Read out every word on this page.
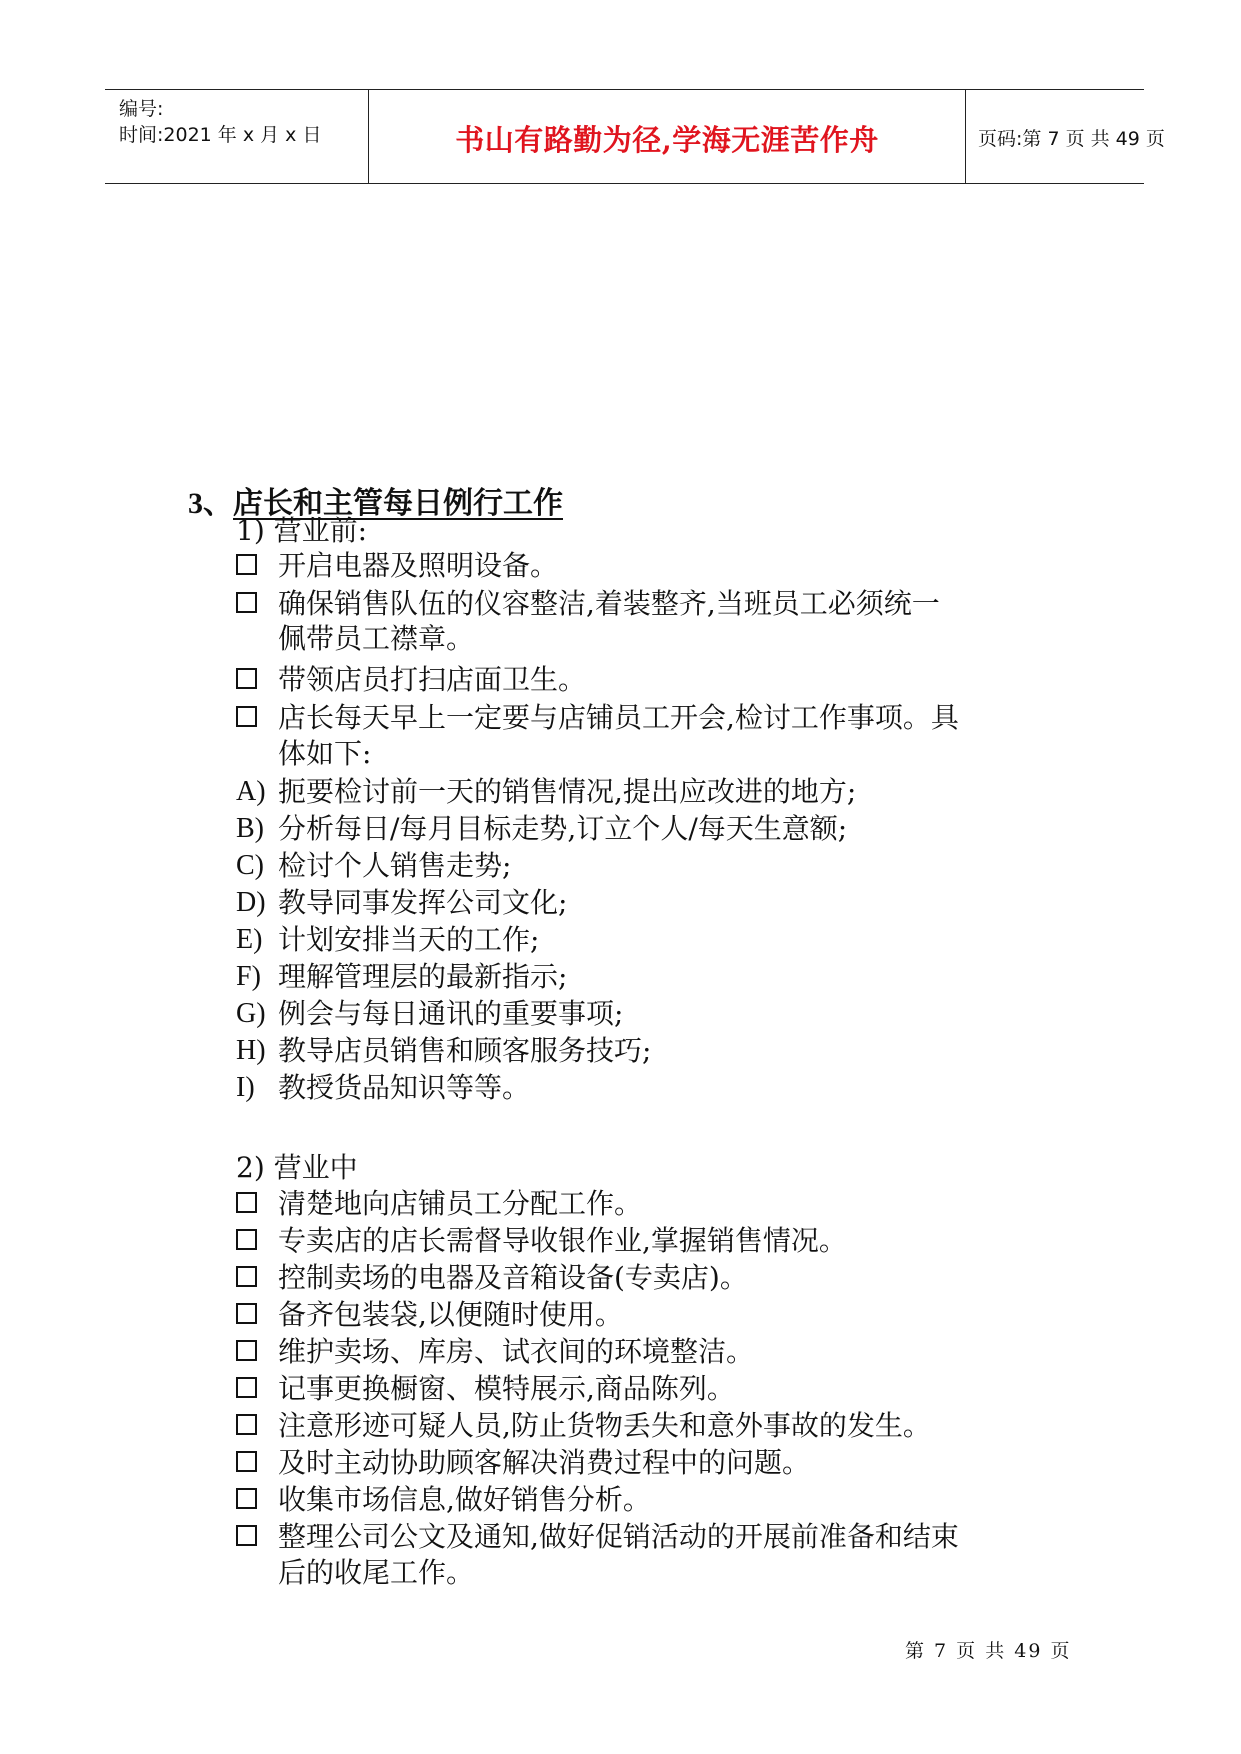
编号:
时间:2021 年 x 月 x 日	书山有路勤为径,学海无涯苦作舟	页码:第 7 页 共 49 页
3、店长和主管每日例行工作
1) 营业前:
开启电器及照明设备。
确保销售队伍的仪容整洁,着装整齐,当班员工必须统一
佩带员工襟章。
带领店员打扫店面卫生。
店长每天早上一定要与店铺员工开会,检讨工作事项。具
体如下:
A) 扼要检讨前一天的销售情况,提出应改进的地方;
B) 分析每日/每月目标走势,订立个人/每天生意额;
C) 检讨个人销售走势;
D) 教导同事发挥公司文化;
E) 计划安排当天的工作;
F) 理解管理层的最新指示;
G) 例会与每日通讯的重要事项;
H) 教导店员销售和顾客服务技巧;
I) 教授货品知识等等。
2) 营业中
清楚地向店铺员工分配工作。
专卖店的店长需督导收银作业,掌握销售情况。
控制卖场的电器及音箱设备(专卖店)。
备齐包装袋,以便随时使用。
维护卖场、库房、试衣间的环境整洁。
记事更换橱窗、模特展示,商品陈列。
注意形迹可疑人员,防止货物丢失和意外事故的发生。
及时主动协助顾客解决消费过程中的问题。
收集市场信息,做好销售分析。
整理公司公文及通知,做好促销活动的开展前准备和结束
后的收尾工作。
第 7 页 共 49 页
